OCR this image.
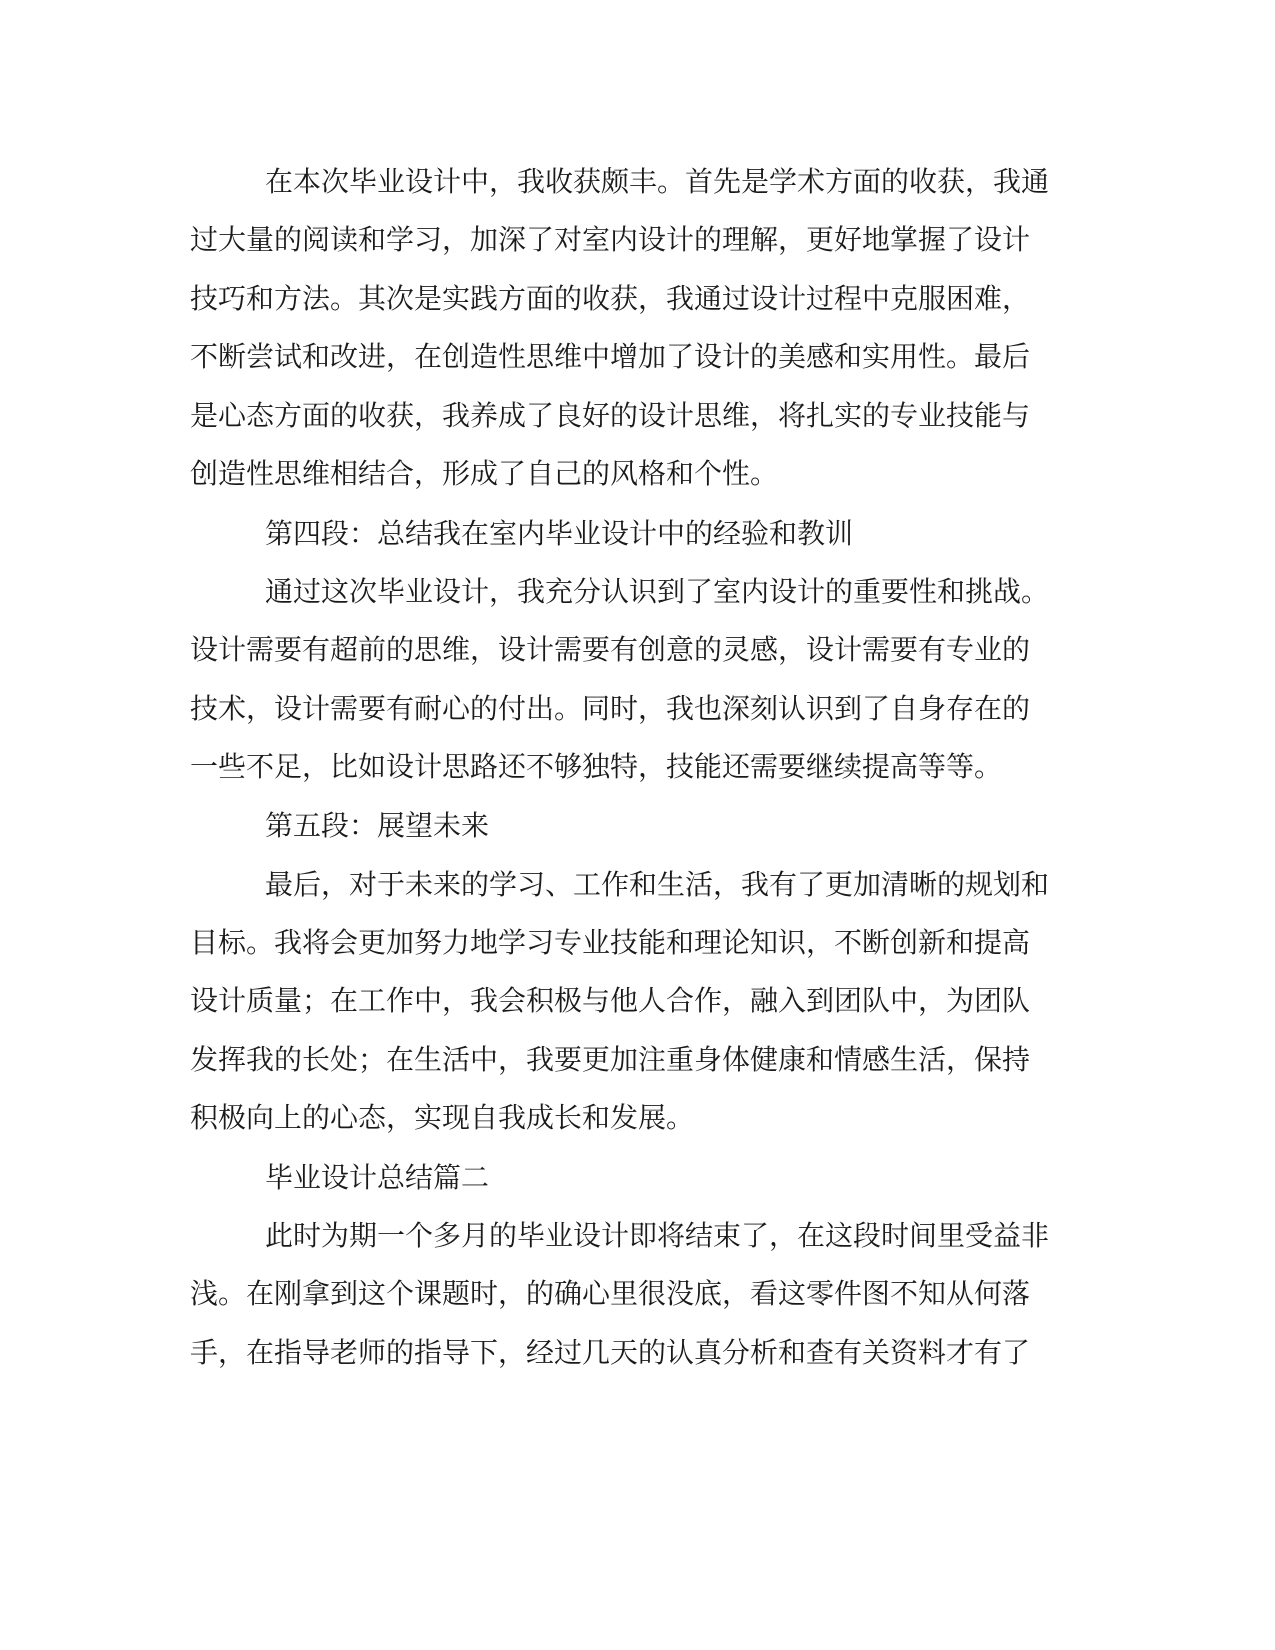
在本次毕业设计中，我收获颇丰。首先是学术方面的收获，我通
过大量的阅读和学习，加深了对室内设计的理解，更好地掌握了设计
技巧和方法。其次是实践方面的收获，我通过设计过程中克服困难，
不断尝试和改进，在创造性思维中增加了设计的美感和实用性。最后
是心态方面的收获，我养成了良好的设计思维，将扎实的专业技能与
创造性思维相结合，形成了自己的风格和个性。
第四段：总结我在室内毕业设计中的经验和教训
通过这次毕业设计，我充分认识到了室内设计的重要性和挑战。
设计需要有超前的思维，设计需要有创意的灵感，设计需要有专业的
技术，设计需要有耐心的付出。同时，我也深刻认识到了自身存在的
一些不足，比如设计思路还不够独特，技能还需要继续提高等等。
第五段：展望未来
最后，对于未来的学习、工作和生活，我有了更加清晰的规划和
目标。我将会更加努力地学习专业技能和理论知识，不断创新和提高
设计质量；在工作中，我会积极与他人合作，融入到团队中，为团队
发挥我的长处；在生活中，我要更加注重身体健康和情感生活，保持
积极向上的心态，实现自我成长和发展。
毕业设计总结篇二
此时为期一个多月的毕业设计即将结束了，在这段时间里受益非
浅。在刚拿到这个课题时，的确心里很没底，看这零件图不知从何落
手，在指导老师的指导下，经过几天的认真分析和查有关资料才有了
